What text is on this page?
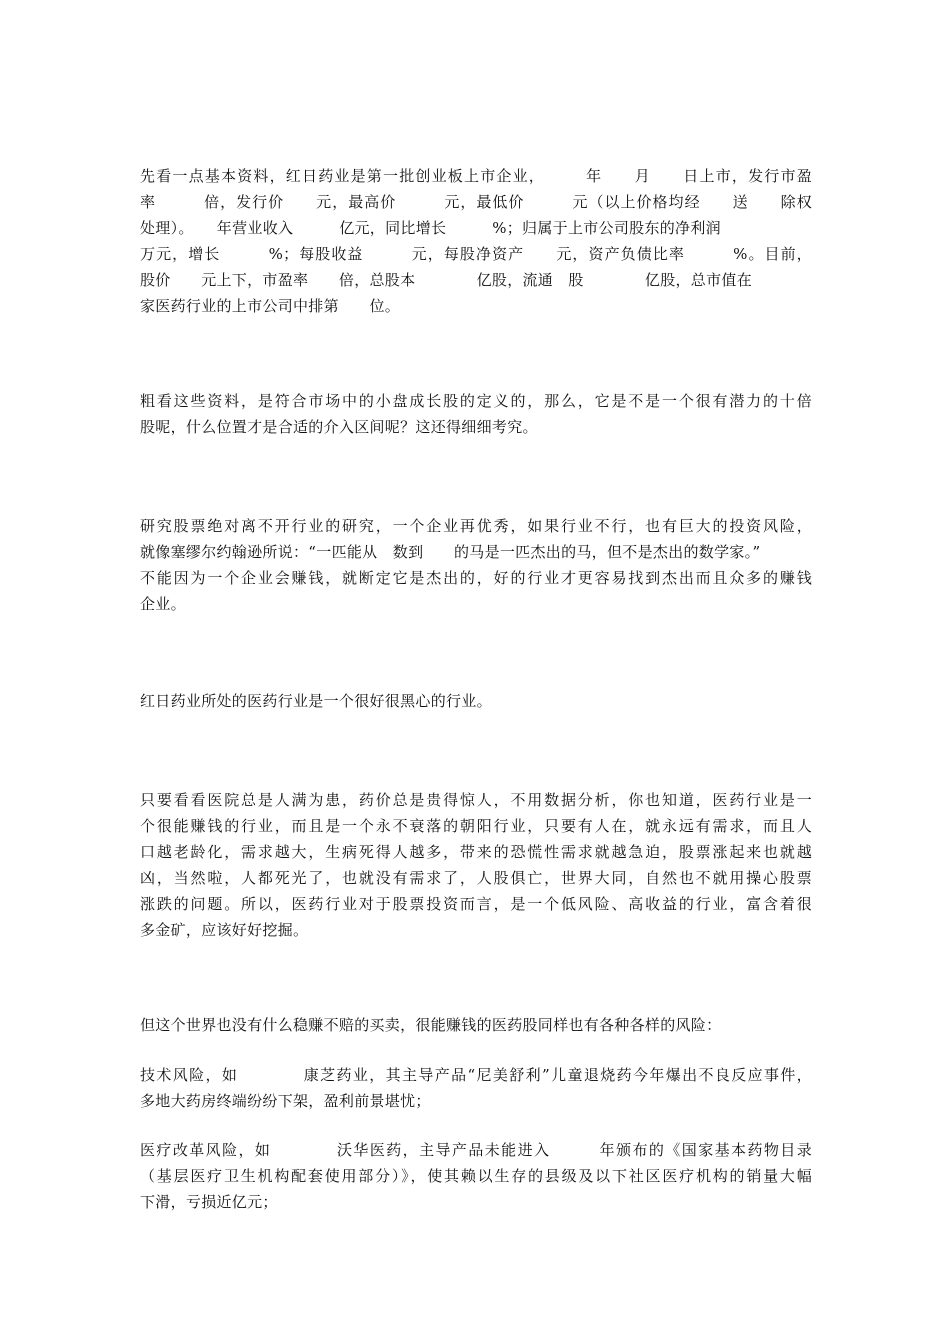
先看一点基本资料，红日药业是第一批创业板上市企业，　　　年　　月　　日上市，发行市盈
率　　　倍，发行价　　元，最高价　　　元，最低价　　　元（以上价格均经　　送　　除权
处理）。　　年营业收入　　　亿元，同比增长　　　%；归属于上市公司股东的净利润
万元，增长　　　%；每股收益　　　元，每股净资产　　元，资产负债比率　　　%。目前，
股价　　元上下，市盈率　　倍，总股本　　　　亿股，流通　股　　　　亿股，总市值在
家医药行业的上市公司中排第　　位。
粗看这些资料，是符合市场中的小盘成长股的定义的，那么，它是不是一个很有潜力的十倍
股呢，什么位置才是合适的介入区间呢？这还得细细考究。
研究股票绝对离不开行业的研究，一个企业再优秀，如果行业不行，也有巨大的投资风险，
就像塞缪尔约翰逊所说：“一匹能从　数到　　的马是一匹杰出的马，但不是杰出的数学家。”
不能因为一个企业会赚钱，就断定它是杰出的，好的行业才更容易找到杰出而且众多的赚钱
企业。
红日药业所处的医药行业是一个很好很黑心的行业。
只要看看医院总是人满为患，药价总是贵得惊人，不用数据分析，你也知道，医药行业是一
个很能赚钱的行业，而且是一个永不衰落的朝阳行业，只要有人在，就永远有需求，而且人
口越老龄化，需求越大，生病死得人越多，带来的恐慌性需求就越急迫，股票涨起来也就越
凶，当然啦，人都死光了，也就没有需求了，人股俱亡，世界大同，自然也不就用操心股票
涨跌的问题。所以，医药行业对于股票投资而言，是一个低风险、高收益的行业，富含着很
多金矿，应该好好挖掘。
但这个世界也没有什么稳赚不赔的买卖，很能赚钱的医药股同样也有各种各样的风险：
技术风险，如　　　　康芝药业，其主导产品“尼美舒利”儿童退烧药今年爆出不良反应事件，
多地大药房终端纷纷下架，盈利前景堪忧；
医疗改革风险，如　　　　沃华医药，主导产品未能进入　　　年颁布的《国家基本药物目录
（基层医疗卫生机构配套使用部分）》，使其赖以生存的县级及以下社区医疗机构的销量大幅
下滑，亏损近亿元；
